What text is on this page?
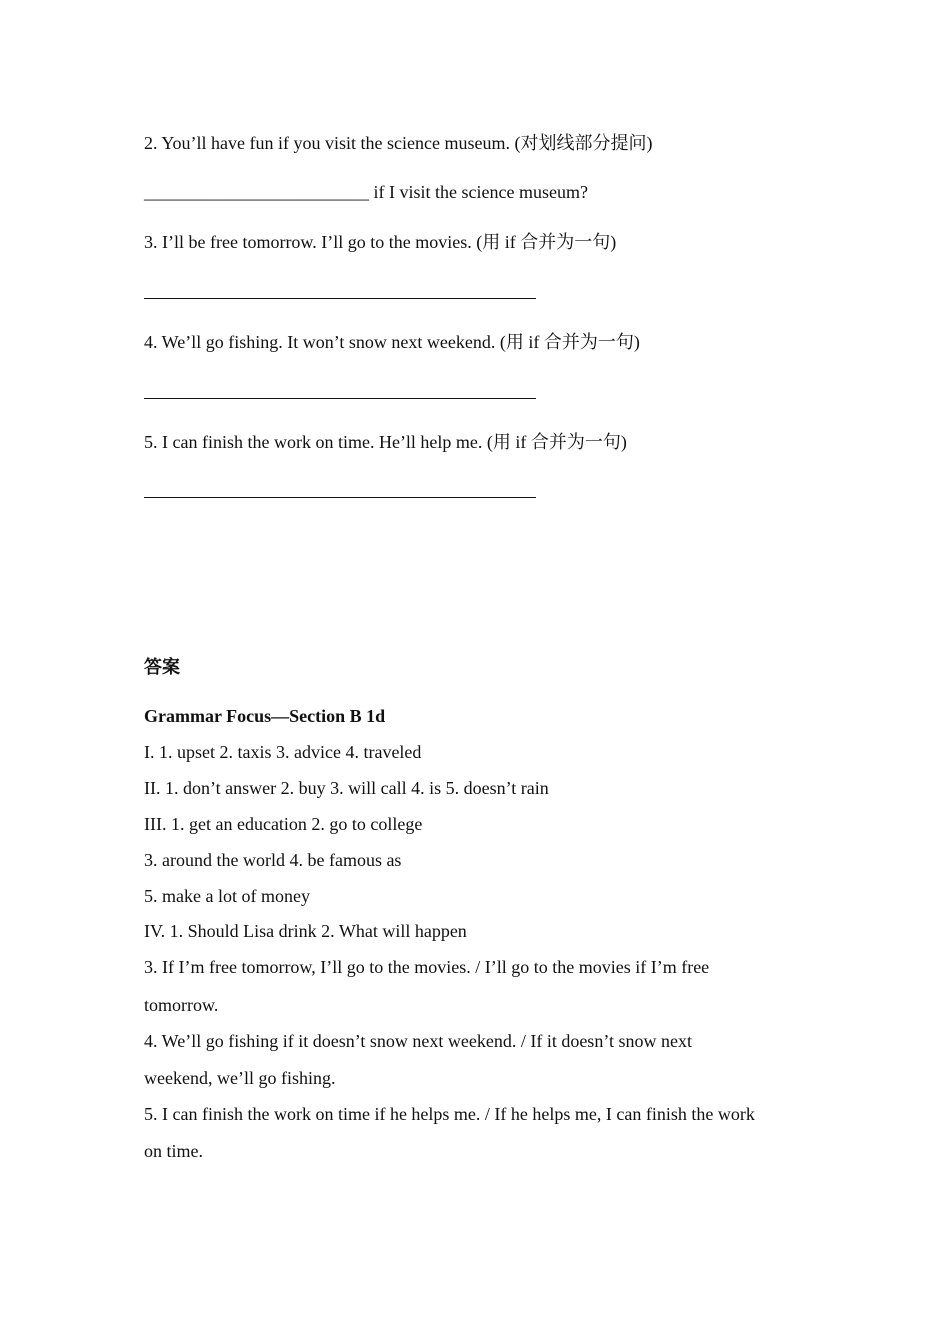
2. You’ll have fun if you visit the science museum. (对划线部分提问)
_________________________ if I visit the science museum?
3. I’ll be free tomorrow. I’ll go to the movies. (用 if 合并为一句)
4. We’ll go fishing. It won’t snow next weekend. (用 if 合并为一句)
5. I can finish the work on time. He’ll help me. (用 if 合并为一句)
答案
Grammar Focus—Section B 1d
I. 1. upset 2. taxis 3. advice 4. traveled
II. 1. don’t answer 2. buy 3. will call 4. is 5. doesn’t rain
III. 1. get an education 2. go to college
3. around the world 4. be famous as
5. make a lot of money
IV. 1. Should Lisa drink 2. What will happen
3. If I’m free tomorrow, I’ll go to the movies. / I’ll go to the movies if I’m free
tomorrow.
4. We’ll go fishing if it doesn’t snow next weekend. / If it doesn’t snow next
weekend, we’ll go fishing.
5. I can finish the work on time if he helps me. / If he helps me, I can finish the work
on time.
